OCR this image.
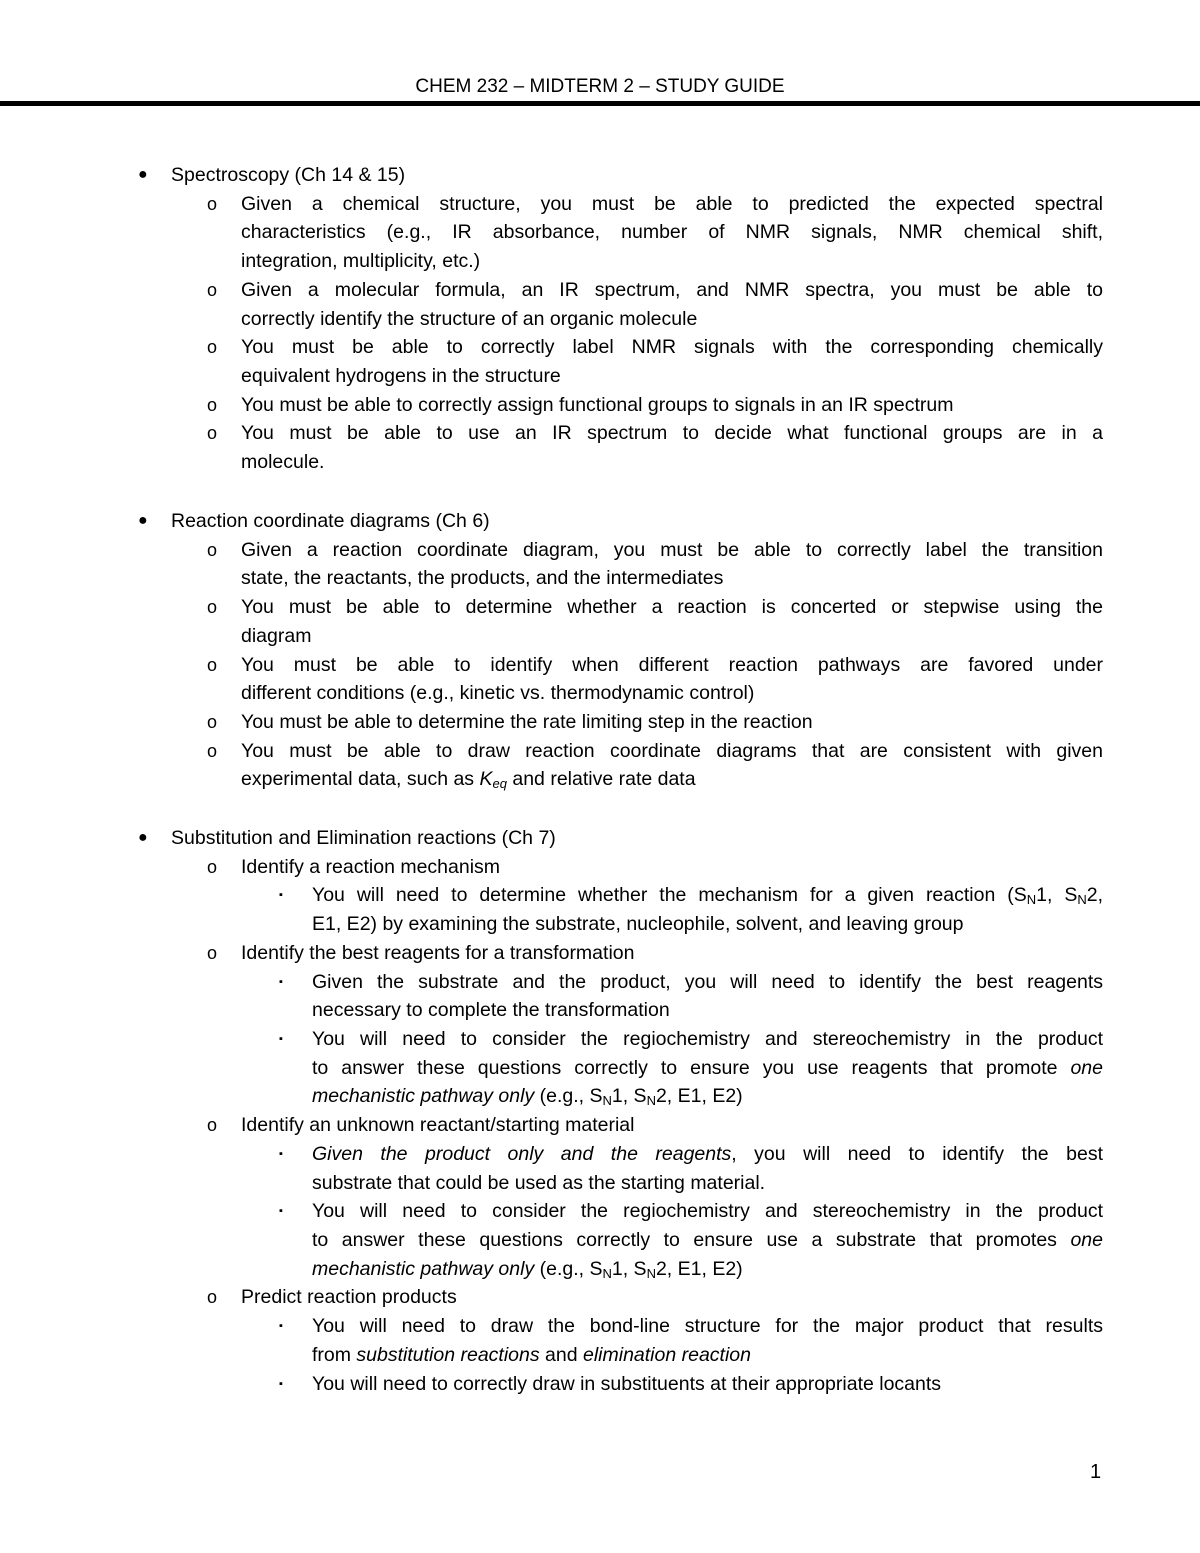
CHEM 232 – MIDTERM 2 – STUDY GUIDE
● Spectroscopy (Ch 14 & 15)
o Given a chemical structure, you must be able to predicted the expected spectral
characteristics (e.g., IR absorbance, number of NMR signals, NMR chemical shift,
integration, multiplicity, etc.)
o Given a molecular formula, an IR spectrum, and NMR spectra, you must be able to
correctly identify the structure of an organic molecule
o You must be able to correctly label NMR signals with the corresponding chemically
equivalent hydrogens in the structure
o You must be able to correctly assign functional groups to signals in an IR spectrum
o You must be able to use an IR spectrum to decide what functional groups are in a
molecule.
● Reaction coordinate diagrams (Ch 6)
o Given a reaction coordinate diagram, you must be able to correctly label the transition
state, the reactants, the products, and the intermediates
o You must be able to determine whether a reaction is concerted or stepwise using the
diagram
o You must be able to identify when different reaction pathways are favored under
different conditions (e.g., kinetic vs. thermodynamic control)
o You must be able to determine the rate limiting step in the reaction
o You must be able to draw reaction coordinate diagrams that are consistent with given
experimental data, such as $K_{eq}$ and relative rate data
● Substitution and Elimination reactions (Ch 7)
o Identify a reaction mechanism
▪ You will need to determine whether the mechanism for a given reaction ($S_N1$, $S_N2$,
E1, E2) by examining the substrate, nucleophile, solvent, and leaving group
o Identify the best reagents for a transformation
▪ Given the substrate and the product, you will need to identify the best reagents
necessary to complete the transformation
▪ You will need to consider the regiochemistry and stereochemistry in the product
to answer these questions correctly to ensure you use reagents that promote one
mechanistic pathway only (e.g., $S_N1$, $S_N2$, E1, E2)
o Identify an unknown reactant/starting material
▪ Given the product only and the reagents, you will need to identify the best
substrate that could be used as the starting material.
▪ You will need to consider the regiochemistry and stereochemistry in the product
to answer these questions correctly to ensure use a substrate that promotes one
mechanistic pathway only (e.g., $S_N1$, $S_N2$, E1, E2)
o Predict reaction products
▪ You will need to draw the bond-line structure for the major product that results
from substitution reactions and elimination reaction
▪ You will need to correctly draw in substituents at their appropriate locants
1
